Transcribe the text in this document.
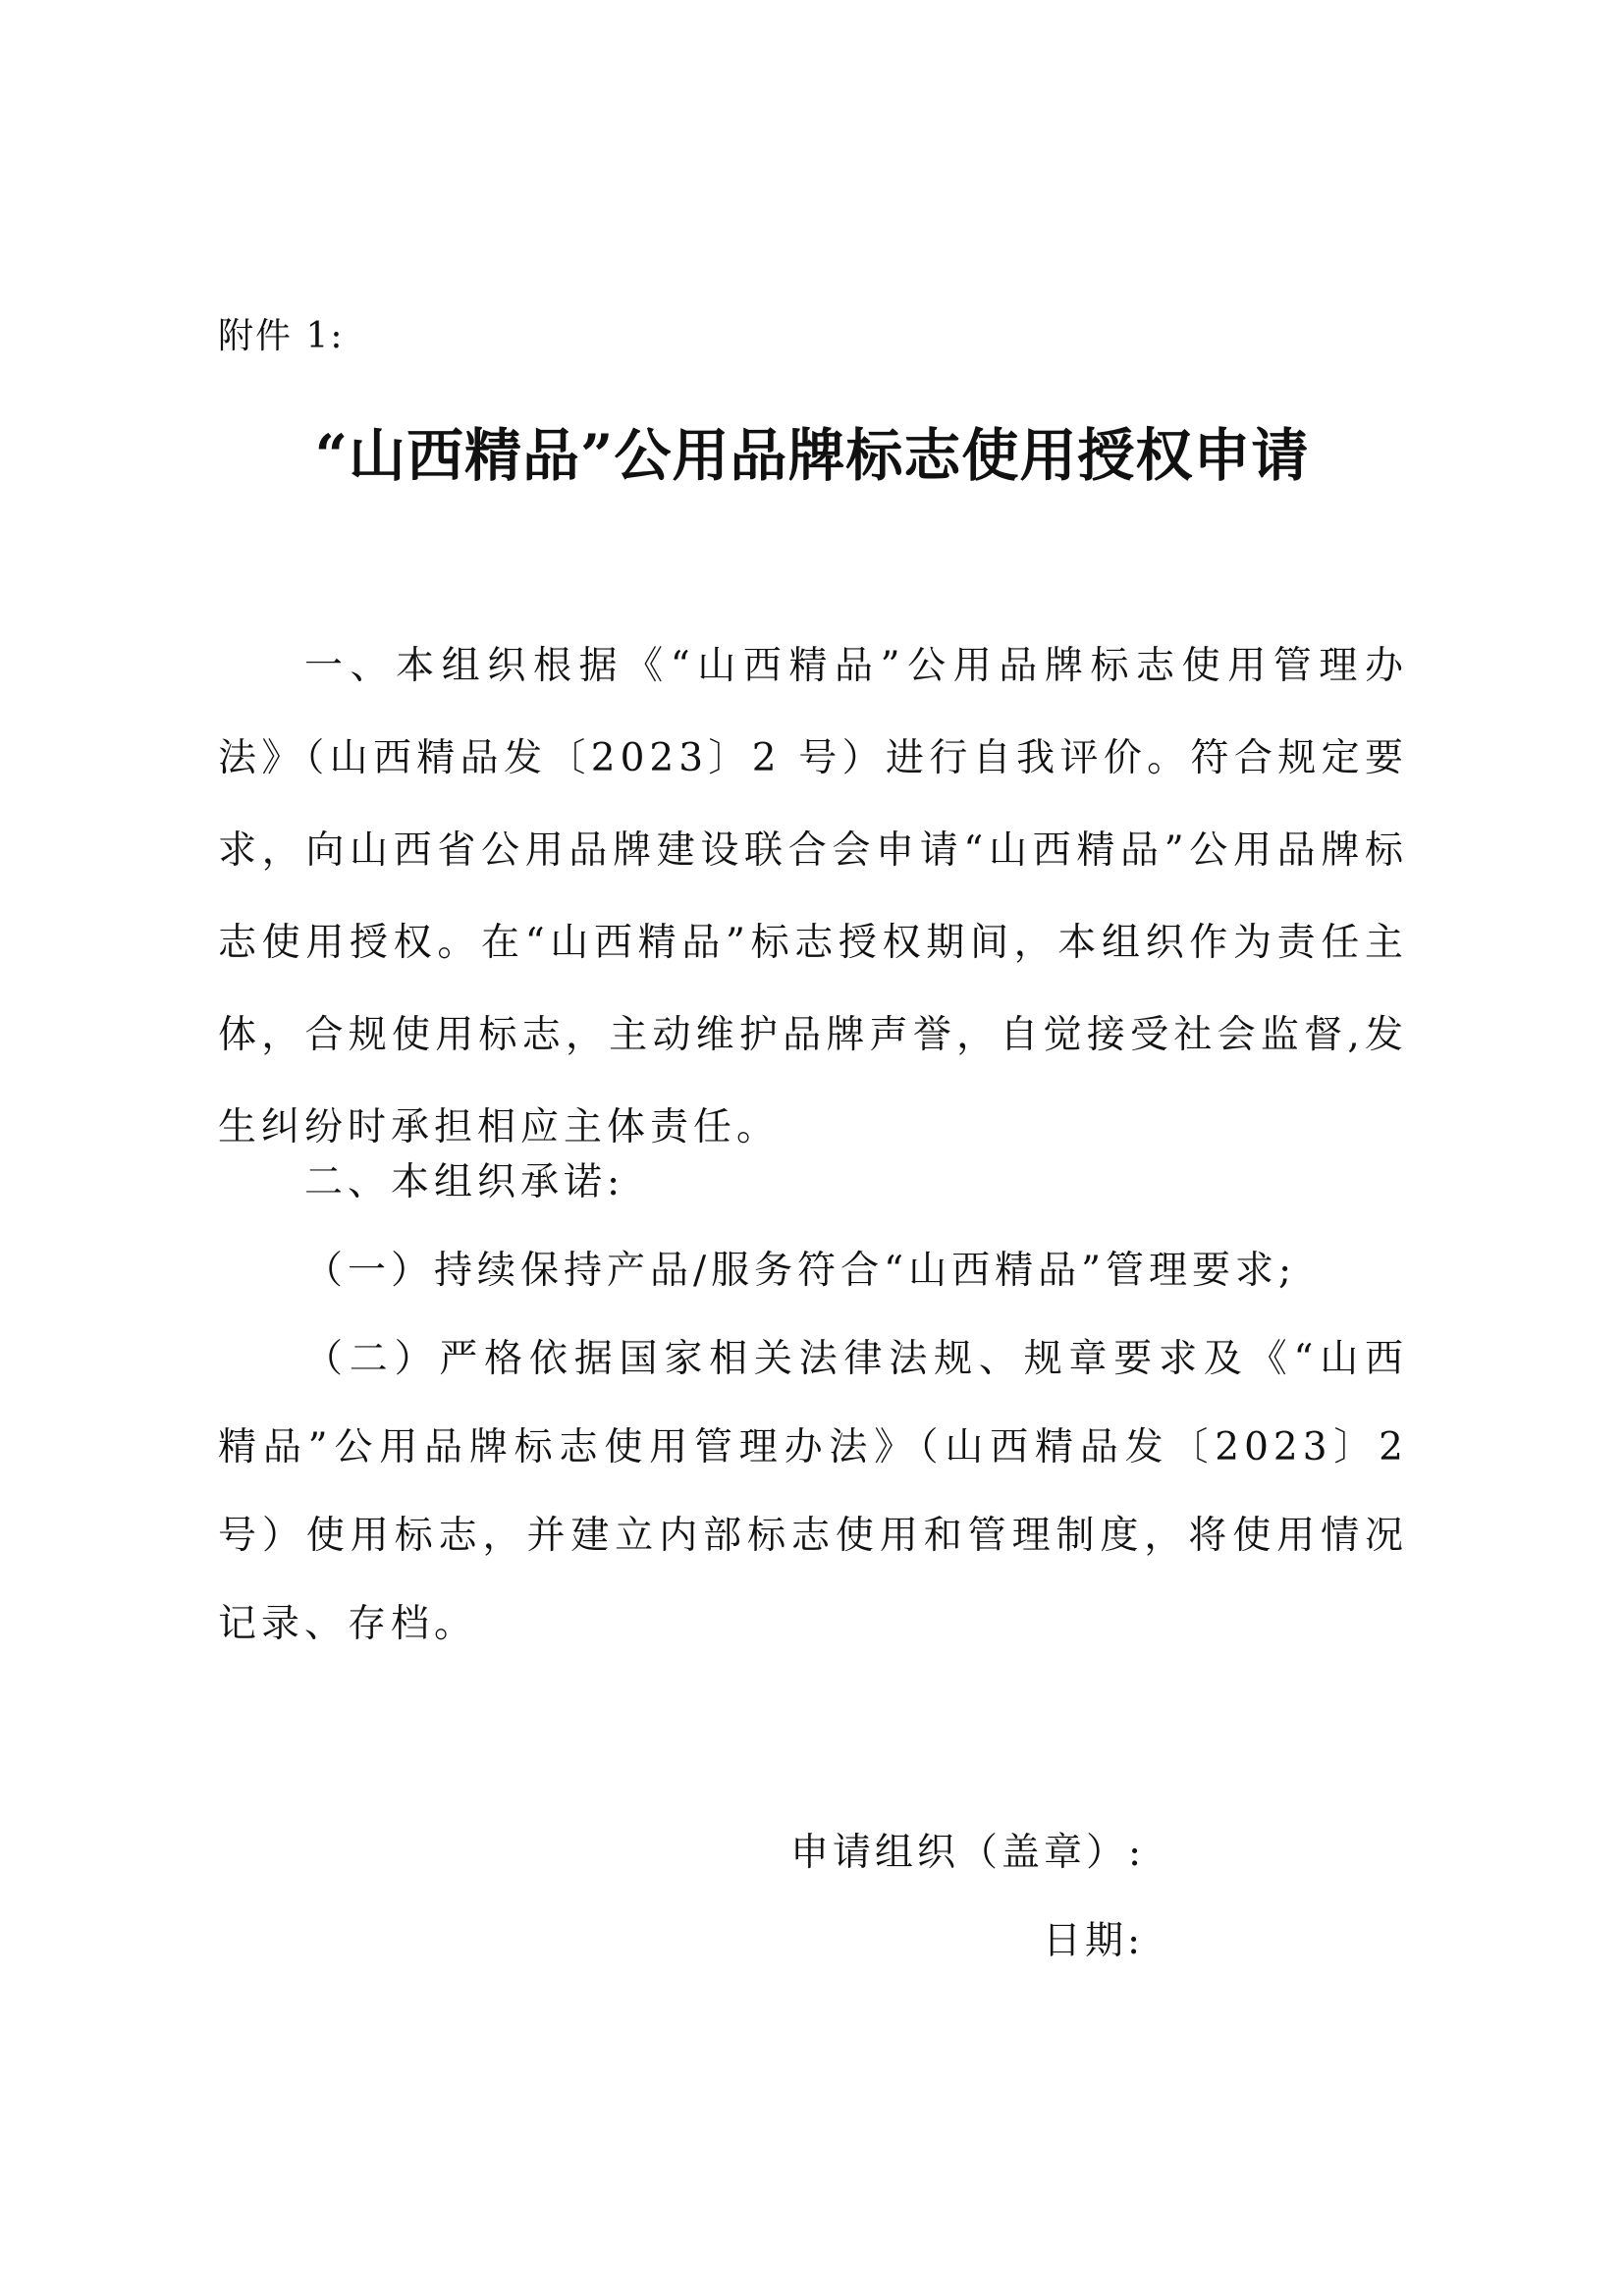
附件 1:
“山西精品”公用品牌标志使用授权申请

一、本组织根据《“山西精品”公用品牌标志使用管理办法》（山西精品发〔2023〕2 号）进行自我评价。符合规定要求，向山西省公用品牌建设联合会申请“山西精品”公用品牌标志使用授权。在“山西精品”标志授权期间，本组织作为责任主体，合规使用标志，主动维护品牌声誉，自觉接受社会监督,发生纠纷时承担相应主体责任。

二、本组织承诺:

（一）持续保持产品/服务符合“山西精品”管理要求;

（二）严格依据国家相关法律法规、规章要求及《“山西精品”公用品牌标志使用管理办法》（山西精品发〔2023〕2 号）使用标志，并建立内部标志使用和管理制度，将使用情况记录、存档。

申请组织（盖章）:
日期:
